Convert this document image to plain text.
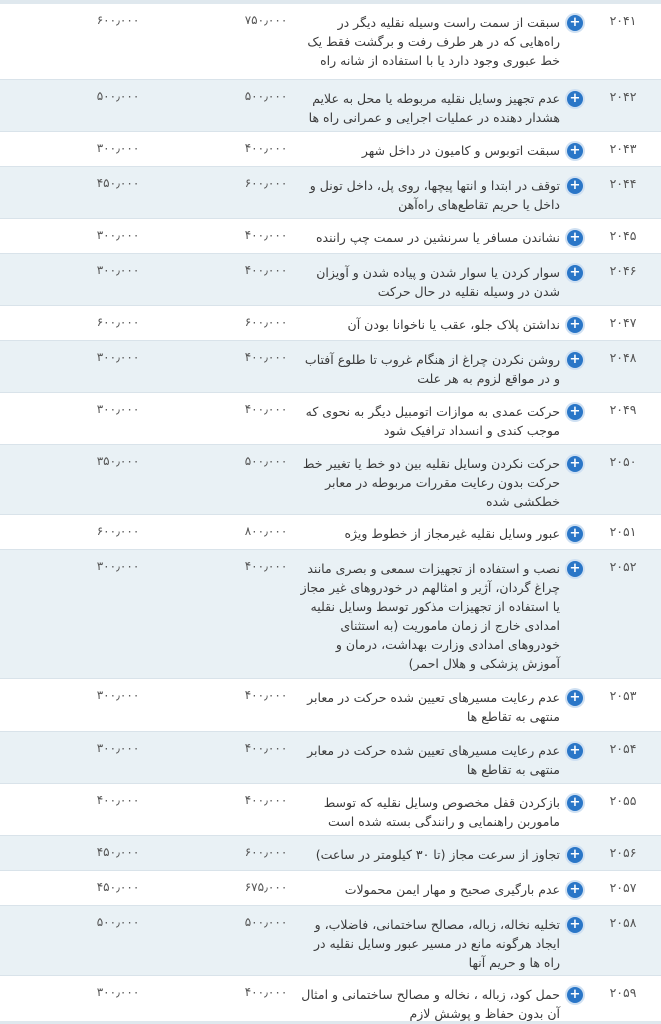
۲۰۴۱
+
سبقت از سمت راست وسیله نقلیه دیگر در راه‌هایی که در هر طرف رفت و برگشت فقط یک خط عبوری وجود دارد یا با استفاده از شانه راه
۷۵۰٫۰۰۰
۶۰۰٫۰۰۰
۲۰۴۲
+
عدم تجهیز وسایل نقلیه مربوطه یا محل به علایم هشدار دهنده در عملیات اجرایی و عمرانی راه ها
۵۰۰٫۰۰۰
۵۰۰٫۰۰۰
۲۰۴۳
+
سبقت اتوبوس و کامیون در داخل شهر
۴۰۰٫۰۰۰
۳۰۰٫۰۰۰
۲۰۴۴
+
توقف در ابتدا و انتها پیچها، روی پل، داخل تونل و داخل یا حریم تقاطع‌های راه‌آهن
۶۰۰٫۰۰۰
۴۵۰٫۰۰۰
۲۰۴۵
+
نشاندن مسافر یا سرنشین در سمت چپ راننده
۴۰۰٫۰۰۰
۳۰۰٫۰۰۰
۲۰۴۶
+
سوار کردن یا سوار شدن و پیاده شدن و آویزان شدن در وسیله نقلیه در حال حرکت
۴۰۰٫۰۰۰
۳۰۰٫۰۰۰
۲۰۴۷
+
نداشتن پلاک جلو، عقب یا ناخوانا بودن آن
۶۰۰٫۰۰۰
۶۰۰٫۰۰۰
۲۰۴۸
+
روشن نکردن چراغ از هنگام غروب تا طلوع آفتاب و در مواقع لزوم به هر علت
۴۰۰٫۰۰۰
۳۰۰٫۰۰۰
۲۰۴۹
+
حرکت عمدی به موازات اتومبیل دیگر به نحوی که موجب کندی و انسداد ترافیک شود
۴۰۰٫۰۰۰
۳۰۰٫۰۰۰
۲۰۵۰
+
حرکت نکردن وسایل نقلیه بین دو خط یا تغییر خط حرکت بدون رعایت مقررات مربوطه در معابر خطکشی شده
۵۰۰٫۰۰۰
۳۵۰٫۰۰۰
۲۰۵۱
+
عبور وسایل نقلیه غیرمجاز از خطوط ویژه
۸۰۰٫۰۰۰
۶۰۰٫۰۰۰
۲۰۵۲
+
نصب و استفاده از تجهیزات سمعی و بصری مانند چراغ گردان، آژیر و امثالهم در خودروهای غیر مجاز یا استفاده از تجهیزات مذکور توسط وسایل نقلیه امدادی خارج از زمان ماموریت (به استثنای خودروهای امدادی وزارت بهداشت، درمان و آموزش پزشکی و هلال احمر)
۴۰۰٫۰۰۰
۳۰۰٫۰۰۰
۲۰۵۳
+
عدم رعایت مسیرهای تعیین شده حرکت در معابر منتهی به تقاطع ها
۴۰۰٫۰۰۰
۳۰۰٫۰۰۰
۲۰۵۴
+
عدم رعایت مسیرهای تعیین شده حرکت در معابر منتهی به تقاطع ها
۴۰۰٫۰۰۰
۳۰۰٫۰۰۰
۲۰۵۵
+
بازکردن قفل مخصوص وسایل نقلیه که توسط ماموربن راهنمایی و رانندگی بسته شده است
۴۰۰٫۰۰۰
۴۰۰٫۰۰۰
۲۰۵۶
+
تجاوز از سرعت مجاز (تا ۳۰ کیلومتر در ساعت)
۶۰۰٫۰۰۰
۴۵۰٫۰۰۰
۲۰۵۷
+
عدم بارگیری صحیح و مهار ایمن محمولات
۶۷۵٫۰۰۰
۴۵۰٫۰۰۰
۲۰۵۸
+
تخلیه نخاله، زباله، مصالح ساختمانی، فاضلاب، و ایجاد هرگونه مانع در مسیر عبور وسایل نقلیه در راه ها و حریم آنها
۵۰۰٫۰۰۰
۵۰۰٫۰۰۰
۲۰۵۹
+
حمل کود، زباله ، نخاله و مصالح ساختمانی و امثال آن بدون حفاظ و پوشش لازم
۴۰۰٫۰۰۰
۳۰۰٫۰۰۰
